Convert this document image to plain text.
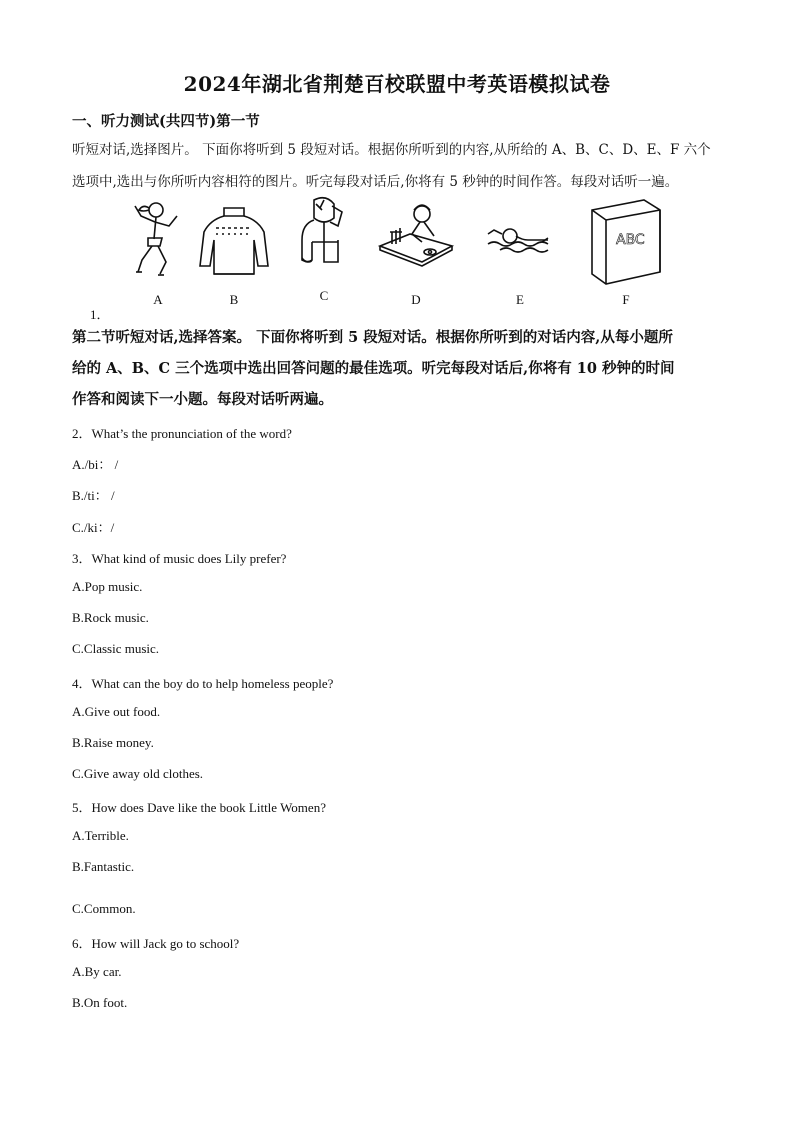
2024年湖北省荆楚百校联盟中考英语模拟试卷
一、听力测试(共四节)第一节
听短对话,选择图片。 下面你将听到 5 段短对话。根据你所听到的内容,从所给的 A、B、C、D、E、F 六个
选项中,选出与你所听内容相符的图片。听完每段对话后,你将有 5 秒钟的时间作答。每段对话听一遍。
A	B	C	D	E
ABC
F
1．
第二节听短对话,选择答案。 下面你将听到 5 段短对话。根据你所听到的对话内容,从每小题所
给的 A、B、C 三个选项中选出回答问题的最佳选项。听完每段对话后,你将有 10 秒钟的时间
作答和阅读下一小题。每段对话听两遍。
2．What’s the pronunciation of the word?
A./bi： /
B./ti： /
C./ki：/
3．What kind of music does Lily prefer?
A.Pop music.
B.Rock music.
C.Classic music.
4．What can the boy do to help homeless people?
A.Give out food.
B.Raise money.
C.Give away old clothes.
5．How does Dave like the book Little Women?
A.Terrible.
B.Fantastic.
C.Common.
6．How will Jack go to school?
A.By car.
B.On foot.
